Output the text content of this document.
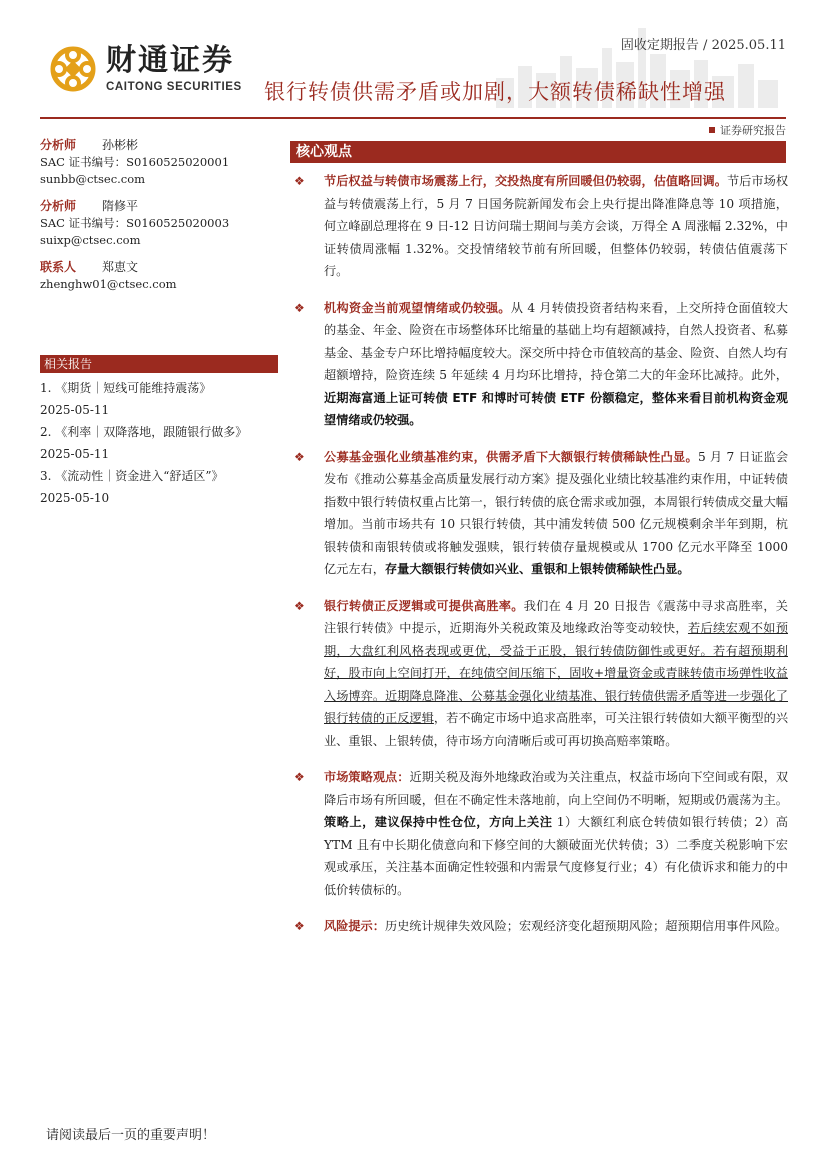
财通证券
CAITONG SECURITIES
固收定期报告 / 2025.05.11
银行转债供需矛盾或加剧，大额转债稀缺性增强
证券研究报告
分析师 孙彬彬
SAC 证书编号：S0160525020001
sunbb@ctsec.com
分析师 隋修平
SAC 证书编号：S0160525020003
suixp@ctsec.com
联系人 郑恵文
zhenghw01@ctsec.com
相关报告
1. 《期货｜短线可能维持震荡》
2025-05-11
2. 《利率｜双降落地，跟随银行做多》
2025-05-11
3. 《流动性｜资金进入“舒适区”》
2025-05-10
核心观点
❖ 节后权益与转债市场震荡上行，交投热度有所回暖但仍较弱，估值略回调。节后市场权益与转债震荡上行，5 月 7 日国务院新闻发布会上央行提出降准降息等 10 项措施，何立峰副总理将在 9 日-12 日访问瑞士期间与美方会谈，万得全 A 周涨幅 2.32%，中证转债周涨幅 1.32%。交投情绪较节前有所回暖，但整体仍较弱，转债估值震荡下行。
❖ 机构资金当前观望情绪或仍较强。从 4 月转债投资者结构来看，上交所持仓面值较大的基金、年金、险资在市场整体环比缩量的基础上均有超额减持，自然人投资者、私募基金、基金专户环比增持幅度较大。深交所中持仓市值较高的基金、险资、自然人均有超额增持，险资连续 5 年延续 4 月均环比增持，持仓第二大的年金环比减持。此外，近期海富通上证可转债 ETF 和博时可转债 ETF 份额稳定，整体来看目前机构资金观望情绪或仍较强。
❖ 公募基金强化业绩基准约束，供需矛盾下大额银行转债稀缺性凸显。5 月 7 日证监会发布《推动公募基金高质量发展行动方案》提及强化业绩比较基准约束作用，中证转债指数中银行转债权重占比第一，银行转债的底仓需求或加强，本周银行转债成交量大幅增加。当前市场共有 10 只银行转债，其中浦发转债 500 亿元规模剩余半年到期，杭银转债和南银转债或将触发强赎，银行转债存量规模或从 1700 亿元水平降至 1000 亿元左右，存量大额银行转债如兴业、重银和上银转债稀缺性凸显。
❖ 银行转债正反逻辑或可提供高胜率。我们在 4 月 20 日报告《震荡中寻求高胜率，关注银行转债》中提示，近期海外关税政策及地缘政治等变动较快，若后续宏观不如预期，大盘红利风格表现或更优，受益于正股，银行转债防御性或更好。若有超预期利好，股市向上空间打开，在纯债空间压缩下，固收+增量资金或青睐转债市场弹性收益入场博弈。近期降息降准、公募基金强化业绩基准、银行转债供需矛盾等进一步强化了银行转债的正反逻辑，若不确定市场中追求高胜率，可关注银行转债如大额平衡型的兴业、重银、上银转债，待市场方向清晰后或可再切换高赔率策略。
❖ 市场策略观点：近期关税及海外地缘政治或为关注重点，权益市场向下空间或有限，双降后市场有所回暖，但在不确定性未落地前，向上空间仍不明晰，短期或仍震荡为主。策略上，建议保持中性仓位，方向上关注 1）大额红利底仓转债如银行转债；2）高 YTM 且有中长期化债意向和下修空间的大额破面光伏转债；3）二季度关税影响下宏观或承压，关注基本面确定性较强和内需景气度修复行业；4）有化债诉求和能力的中低价转债标的。
❖ 风险提示：历史统计规律失效风险；宏观经济变化超预期风险；超预期信用事件风险。
请阅读最后一页的重要声明！
